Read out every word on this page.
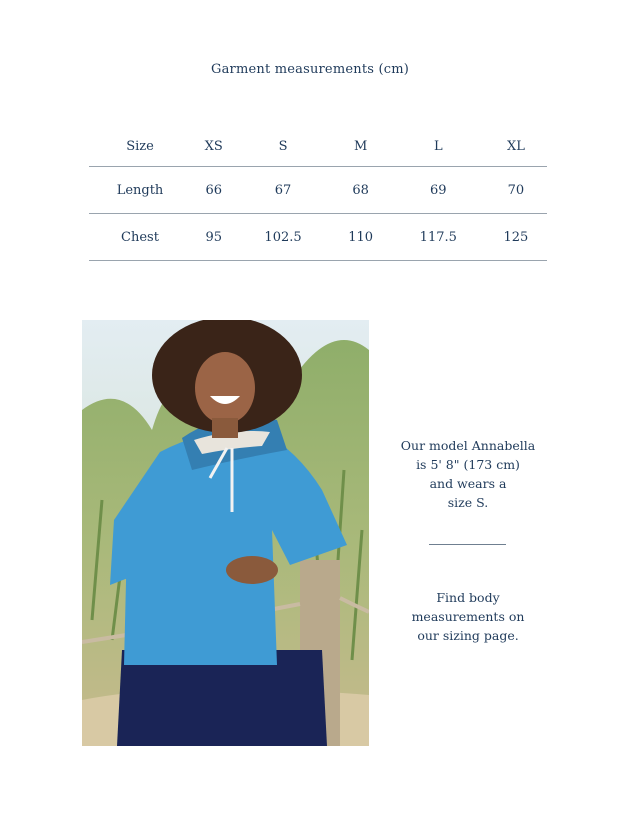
Garment measurements (cm)
Size	XS	S	M	L	XL
Length	66	67	68	69	70
Chest	95	102.5	110	117.5	125
Our model Annabella
is 5' 8" (173 cm)
and wears a
size S.
Find body
measurements on
our sizing page.
